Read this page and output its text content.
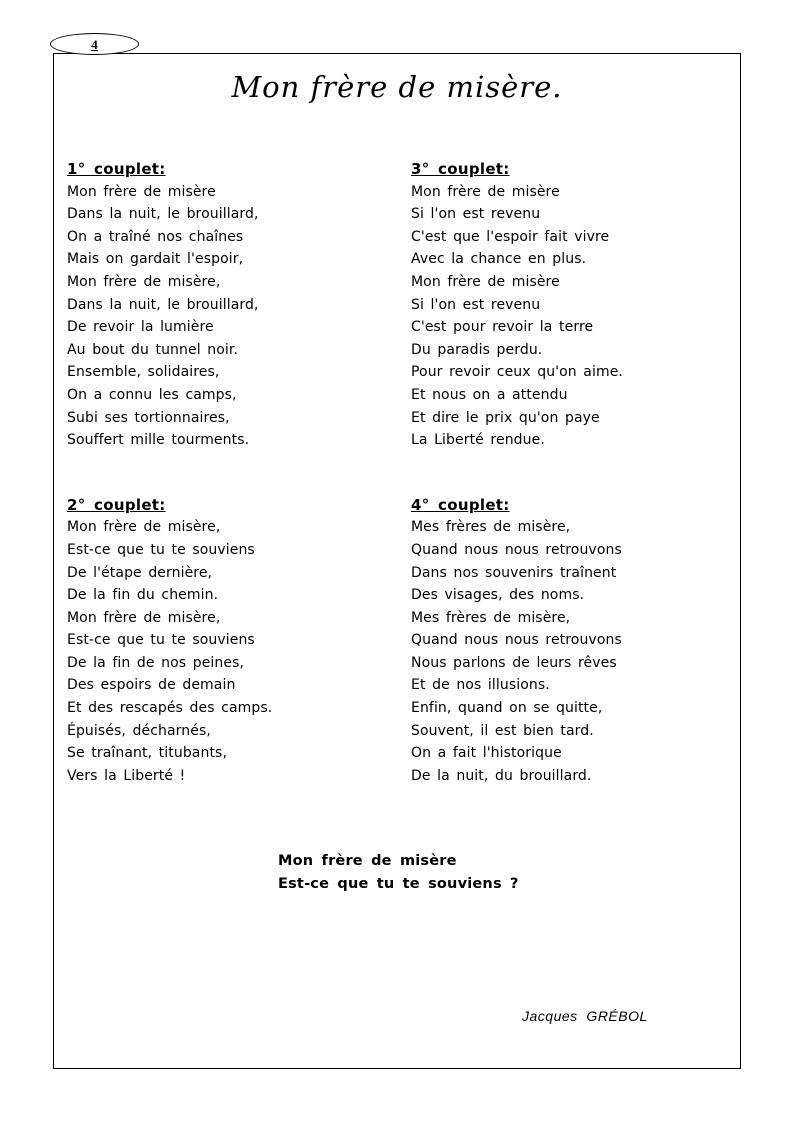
4
Mon frère de misère.
1° couplet:
Mon frère de misère
Dans la nuit, le brouillard,
On a traîné nos chaînes
Mais on gardait l'espoir,
Mon frère de misère,
Dans la nuit, le brouillard,
De revoir la lumière
Au bout du tunnel noir.
Ensemble, solidaires,
On a connu les camps,
Subi ses tortionnaires,
Souffert mille tourments.
2° couplet:
Mon frère de misère,
Est-ce que tu te souviens
De l'étape dernière,
De la fin du chemin.
Mon frère de misère,
Est-ce que tu te souviens
De la fin de nos peines,
Des espoirs de demain
Et des rescapés des camps.
Épuisés, décharnés,
Se traînant, titubants,
Vers la Liberté !
3° couplet:
Mon frère de misère
Si l'on est revenu
C'est que l'espoir fait vivre
Avec la chance en plus.
Mon frère de misère
Si l'on est revenu
C'est pour revoir la terre
Du paradis perdu.
Pour revoir ceux qu'on aime.
Et nous on a attendu
Et dire le prix qu'on paye
La Liberté rendue.
4° couplet:
Mes frères de misère,
Quand nous nous retrouvons
Dans nos souvenirs traînent
Des visages, des noms.
Mes frères de misère,
Quand nous nous retrouvons
Nous parlons de leurs rêves
Et de nos illusions.
Enfin, quand on se quitte,
Souvent, il est bien tard.
On a fait l'historique
De la nuit, du brouillard.
Mon frère de misère
Est-ce que tu te souviens ?
Jacques  GRÉBOL
